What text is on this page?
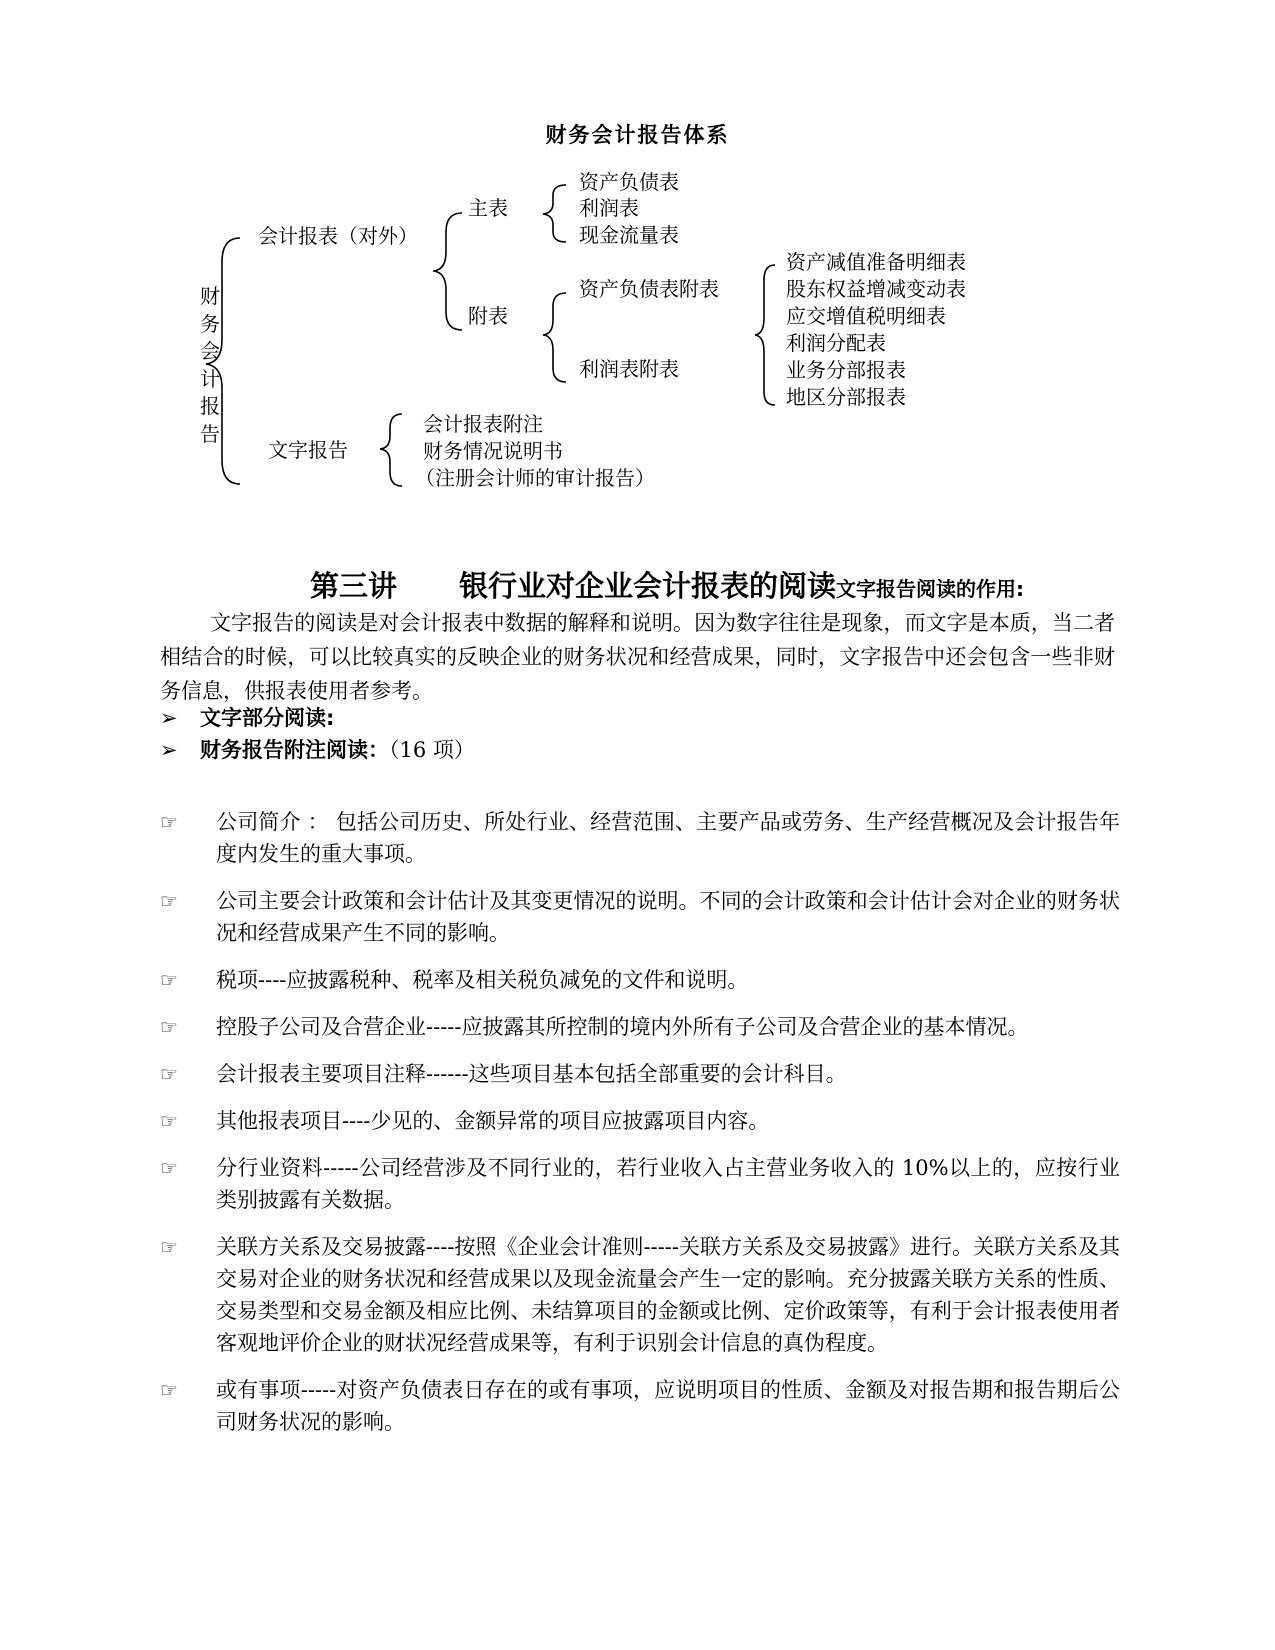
财务会计报告体系
财
务
会
计
报
告
会计报表（对外）
文字报告
主表
附表
资产负债表
利润表
现金流量表
资产负债表附表
利润表附表
资产减值准备明细表
股东权益增减变动表
应交增值税明细表
利润分配表
业务分部报表
地区分部报表
会计报表附注
财务情况说明书
（注册会计师的审计报告）
第三讲 银行业对企业会计报表的阅读文字报告阅读的作用:
文字报告的阅读是对会计报表中数据的解释和说明。因为数字往往是现象，而文字是本质，当二者相结合的时候，可以比较真实的反映企业的财务状况和经营成果，同时，文字报告中还会包含一些非财务信息，供报表使用者参考。
➢ 文字部分阅读:
➢ 财务报告附注阅读：（16 项）
☞	公司简介 ： 包括公司历史、所处行业、经营范围、主要产品或劳务、生产经营概况及会计报告年度内发生的重大事项。
☞	公司主要会计政策和会计估计及其变更情况的说明。不同的会计政策和会计估计会对企业的财务状况和经营成果产生不同的影响。
☞	税项----应披露税种、税率及相关税负减免的文件和说明。
☞	控股子公司及合营企业-----应披露其所控制的境内外所有子公司及合营企业的基本情况。
☞	会计报表主要项目注释------这些项目基本包括全部重要的会计科目。
☞	其他报表项目----少见的、金额异常的项目应披露项目内容。
☞	分行业资料-----公司经营涉及不同行业的，若行业收入占主营业务收入的 10%以上的，应按行业类别披露有关数据。
☞	关联方关系及交易披露----按照《企业会计准则-----关联方关系及交易披露》进行。关联方关系及其交易对企业的财务状况和经营成果以及现金流量会产生一定的影响。充分披露关联方关系的性质、交易类型和交易金额及相应比例、未结算项目的金额或比例、定价政策等，有利于会计报表使用者客观地评价企业的财状况经营成果等，有利于识别会计信息的真伪程度。
☞	或有事项-----对资产负债表日存在的或有事项，应说明项目的性质、金额及对报告期和报告期后公司财务状况的影响。
